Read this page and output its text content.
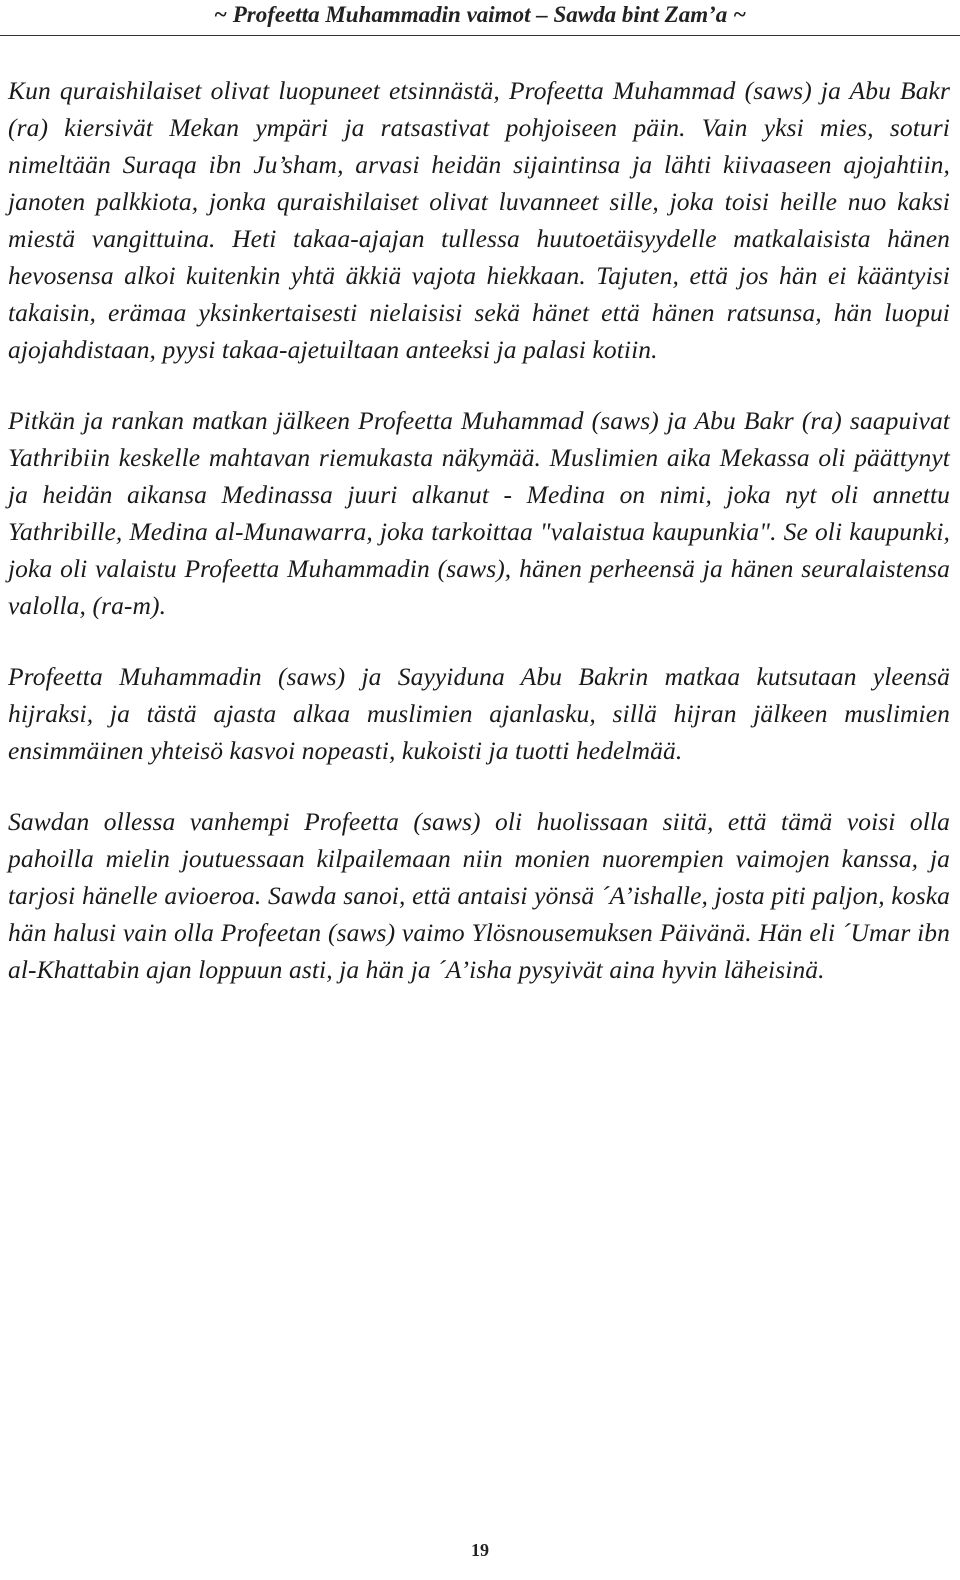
~ Profeetta Muhammadin vaimot – Sawda bint Zam’a ~

Kun quraishilaiset olivat luopuneet etsinnästä, Profeetta Muhammad (saws) ja Abu Bakr (ra) kiersivät Mekan ympäri ja ratsastivat pohjoiseen päin. Vain yksi mies, soturi nimeltään Suraqa ibn Ju’sham, arvasi heidän sijaintinsa ja lähti kiivaaseen ajojahtiin, janoten palkkiota, jonka quraishilaiset olivat luvanneet sille, joka toisi heille nuo kaksi miestä vangittuina. Heti takaa-ajajan tullessa huutoetäisyydelle matkalaisista hänen hevosensa alkoi kuitenkin yhtä äkkiä vajota hiekkaan. Tajuten, että jos hän ei kääntyisi takaisin, erämaa yksinkertaisesti nielaisisi sekä hänet että hänen ratsunsa, hän luopui ajojahdistaan, pyysi takaa-ajetuiltaan anteeksi ja palasi kotiin.

Pitkän ja rankan matkan jälkeen Profeetta Muhammad (saws) ja Abu Bakr (ra) saapuivat Yathribiin keskelle mahtavan riemukasta näkymää. Muslimien aika Mekassa oli päättynyt ja heidän aikansa Medinassa juuri alkanut - Medina on nimi, joka nyt oli annettu Yathribille, Medina al-Munawarra, joka tarkoittaa "valaistua kaupunkia". Se oli kaupunki, joka oli valaistu Profeetta Muhammadin (saws), hänen perheensä ja hänen seuralaistensa valolla, (ra-m).

Profeetta Muhammadin (saws) ja Sayyiduna Abu Bakrin matkaa kutsutaan yleensä hijraksi, ja tästä ajasta alkaa muslimien ajanlasku, sillä hijran jälkeen muslimien ensimmäinen yhteisö kasvoi nopeasti, kukoisti ja tuotti hedelmää.

Sawdan ollessa vanhempi Profeetta (saws) oli huolissaan siitä, että tämä voisi olla pahoilla mielin joutuessaan kilpailemaan niin monien nuorempien vaimojen kanssa, ja tarjosi hänelle avioeroa. Sawda sanoi, että antaisi yönsä ´A’ishalle, josta piti paljon, koska hän halusi vain olla Profeetan (saws) vaimo Ylösnousemuksen Päivänä. Hän eli ´Umar ibn al-Khattabin ajan loppuun asti, ja hän ja ´A’isha pysyivät aina hyvin läheisinä.

19
